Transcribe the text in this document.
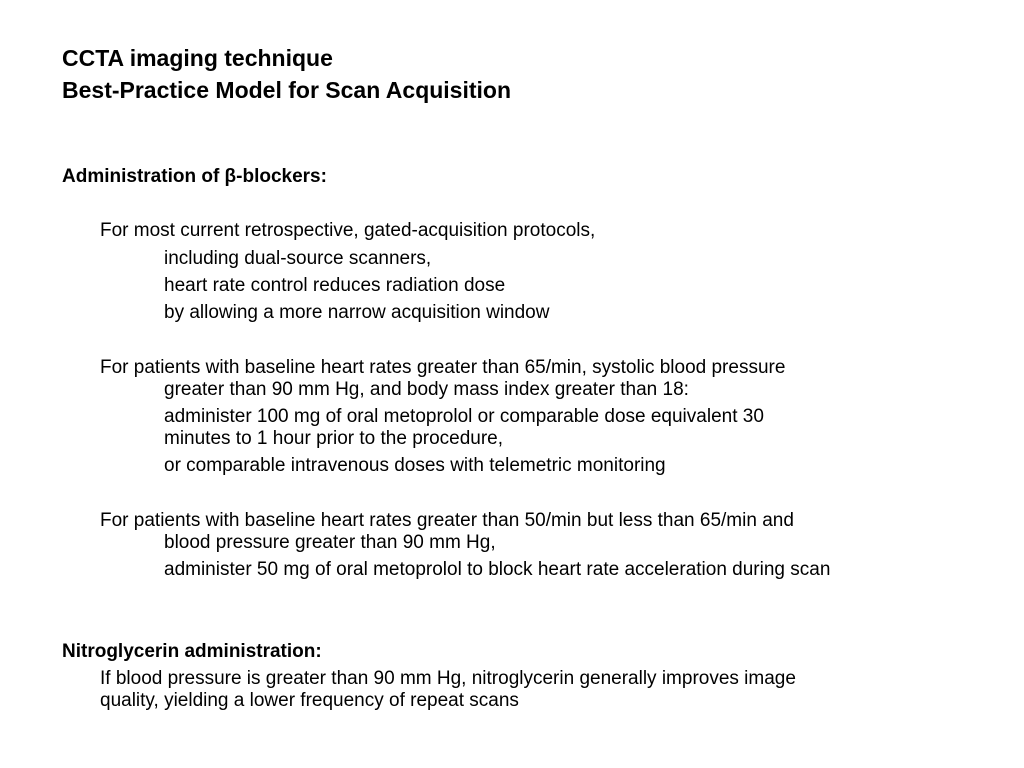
CCTA imaging technique
Best-Practice Model for Scan Acquisition
Administration of β-blockers:
For most current retrospective, gated-acquisition protocols,
including dual-source scanners,
heart rate control reduces radiation dose
by allowing a more narrow acquisition window
For patients with baseline heart rates greater than 65/min, systolic blood pressure
greater than 90 mm Hg, and body mass index greater than 18:
administer 100 mg of oral metoprolol or comparable dose equivalent 30
minutes to 1 hour prior to the procedure,
or comparable intravenous doses with telemetric monitoring
For patients with baseline heart rates greater than 50/min but less than 65/min and
blood pressure greater than 90 mm Hg,
administer 50 mg of oral metoprolol to block heart rate acceleration during scan
Nitroglycerin administration:
If blood pressure is greater than 90 mm Hg, nitroglycerin generally improves image
quality, yielding a lower frequency of repeat scans
